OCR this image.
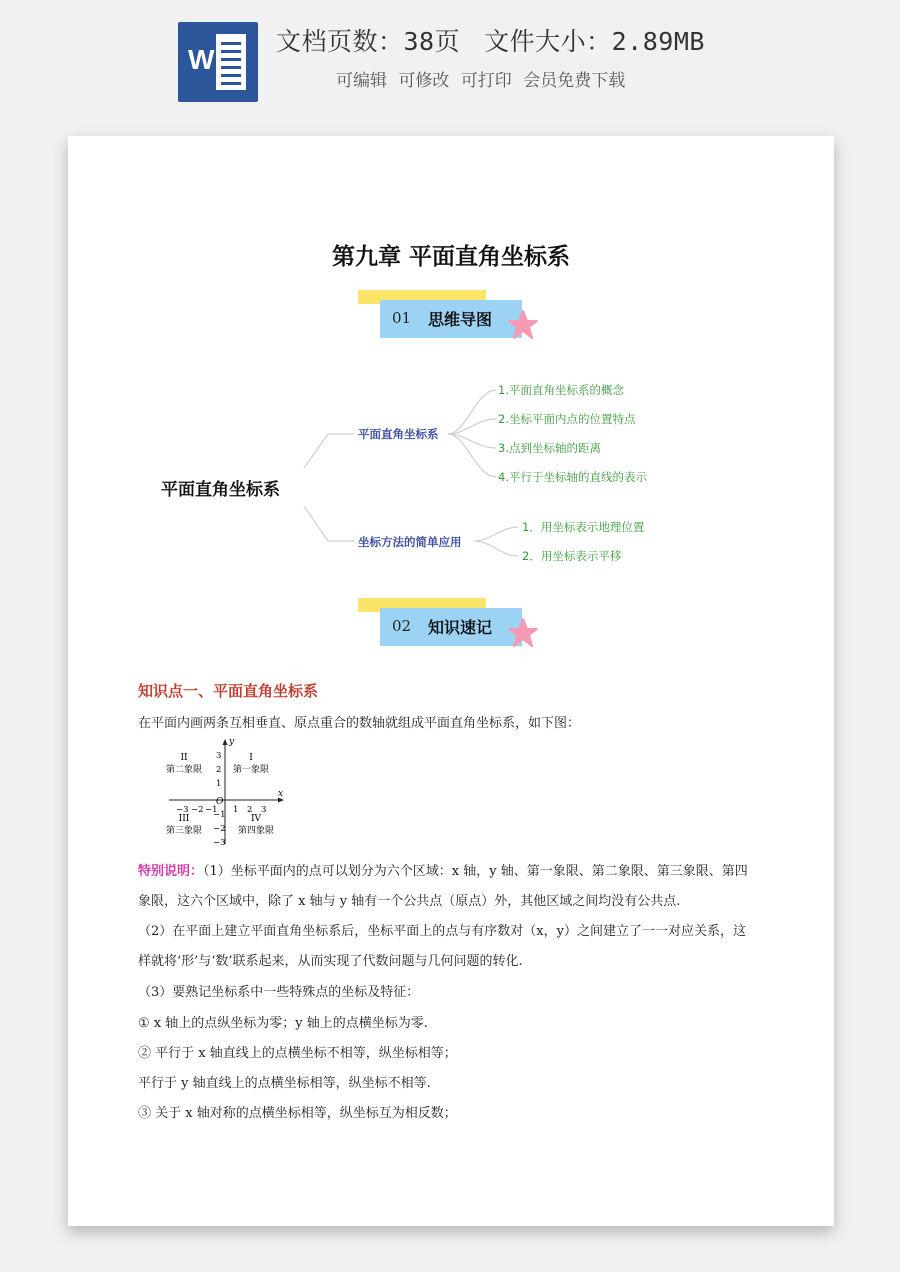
W
文档页数：38页 文件大小：2.89MB
可编辑 可修改 可打印 会员免费下载
第九章 平面直角坐标系
01 思维导图
平面直角坐标系
平面直角坐标系
坐标方法的简单应用
1.平面直角坐标系的概念
2.坐标平面内点的位置特点
3.点到坐标轴的距离
4.平行于坐标轴的直线的表示
1．用坐标表示地理位置
2．用坐标表示平移
02 知识速记
知识点一、平面直角坐标系
在平面内画两条互相垂直、原点重合的数轴就组成平面直角坐标系，如下图：
x
y
O
−3 −2 −1 1 2 3
3
2
1
−1
−2
−3
I
第一象限
II
第二象限
III
第三象限
IV
第四象限
特别说明：（1）坐标平面内的点可以划分为六个区域：x 轴，y 轴、第一象限、第二象限、第三象限、第四
象限，这六个区域中，除了 x 轴与 y 轴有一个公共点（原点）外，其他区域之间均没有公共点.
（2）在平面上建立平面直角坐标系后，坐标平面上的点与有序数对（x，y）之间建立了一一对应关系，这
样就将‘形’与‘数’联系起来，从而实现了代数问题与几何问题的转化.
（3）要熟记坐标系中一些特殊点的坐标及特征：
① x 轴上的点纵坐标为零；y 轴上的点横坐标为零.
② 平行于 x 轴直线上的点横坐标不相等，纵坐标相等；
平行于 y 轴直线上的点横坐标相等，纵坐标不相等.
③ 关于 x 轴对称的点横坐标相等，纵坐标互为相反数；
